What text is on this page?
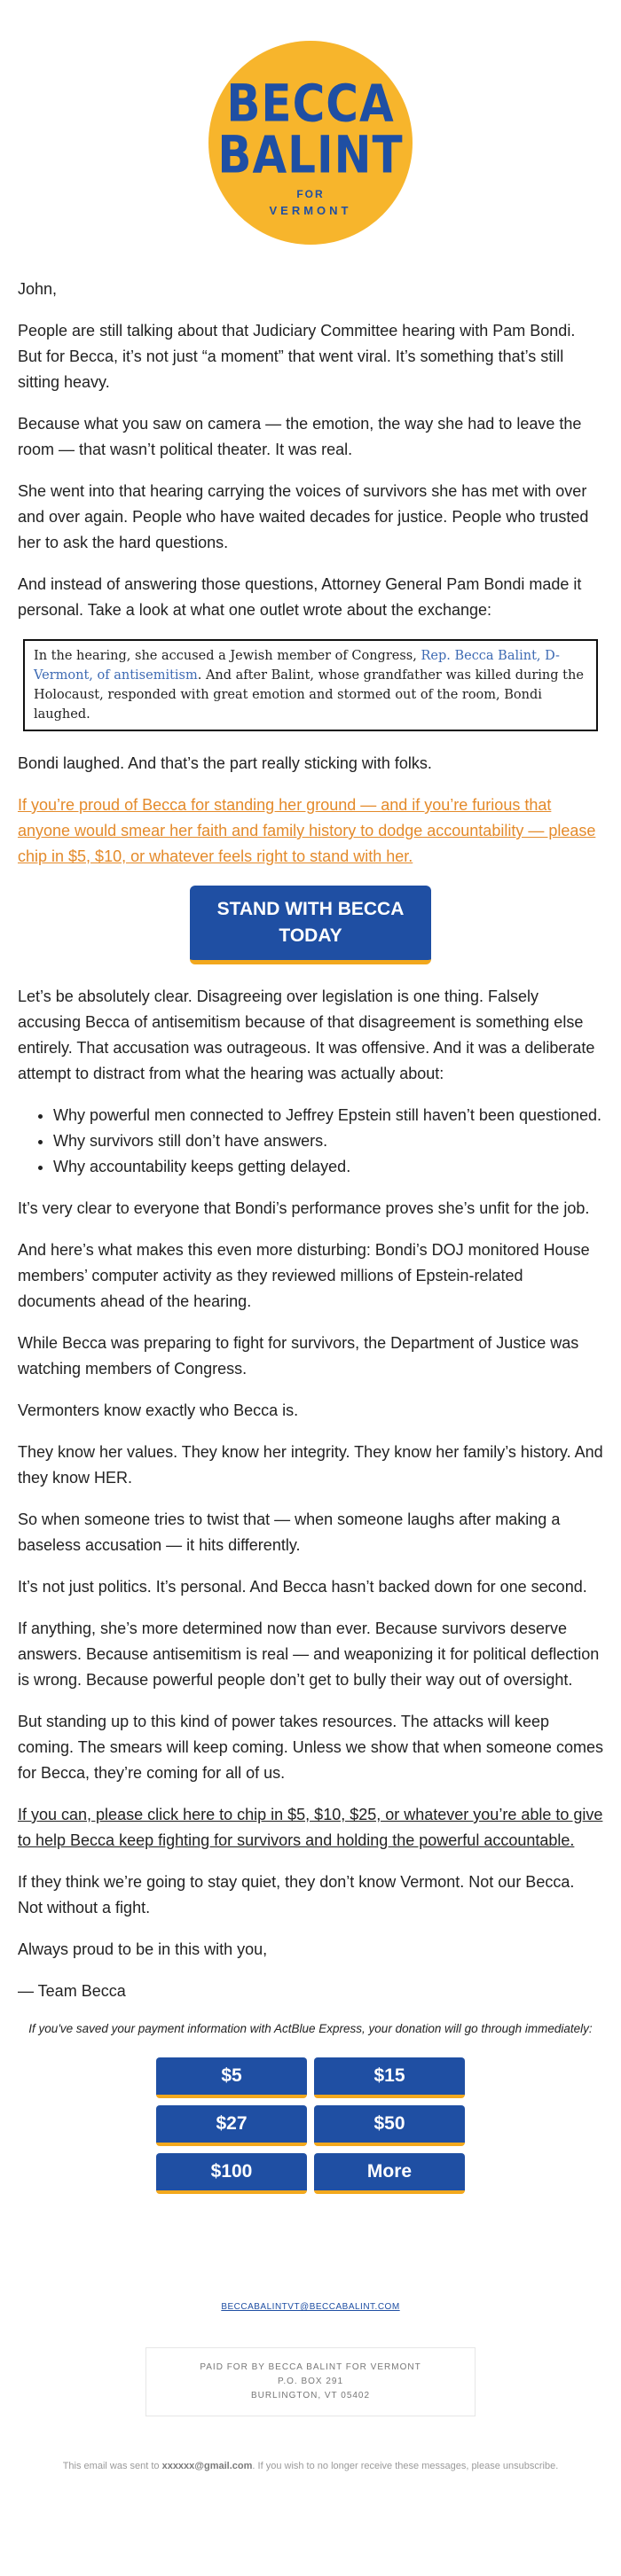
BECCA
BALINT
FOR
VERMONT

John,

People are still talking about that Judiciary Committee hearing with Pam Bondi. But for Becca, it’s not just “a moment” that went viral. It’s something that’s still sitting heavy.

Because what you saw on camera — the emotion, the way she had to leave the room — that wasn’t political theater. It was real.

She went into that hearing carrying the voices of survivors she has met with over and over again. People who have waited decades for justice. People who trusted her to ask the hard questions.

And instead of answering those questions, Attorney General Pam Bondi made it personal. Take a look at what one outlet wrote about the exchange:

In the hearing, she accused a Jewish member of Congress, Rep. Becca Balint, D- Vermont, of antisemitism. And after Balint, whose grandfather was killed during the Holocaust, responded with great emotion and stormed out of the room, Bondi laughed.

Bondi laughed. And that’s the part really sticking with folks.

If you’re proud of Becca for standing her ground — and if you’re furious that anyone would smear her faith and family history to dodge accountability — please chip in $5, $10, or whatever feels right to stand with her.

STAND WITH BECCA TODAY

Let’s be absolutely clear. Disagreeing over legislation is one thing. Falsely accusing Becca of antisemitism because of that disagreement is something else entirely. That accusation was outrageous. It was offensive. And it was a deliberate attempt to distract from what the hearing was actually about:

• Why powerful men connected to Jeffrey Epstein still haven’t been questioned.
• Why survivors still don’t have answers.
• Why accountability keeps getting delayed.

It’s very clear to everyone that Bondi’s performance proves she’s unfit for the job.

And here’s what makes this even more disturbing: Bondi’s DOJ monitored House members’ computer activity as they reviewed millions of Epstein-related documents ahead of the hearing.

While Becca was preparing to fight for survivors, the Department of Justice was watching members of Congress.

Vermonters know exactly who Becca is.

They know her values. They know her integrity. They know her family’s history. And they know HER.

So when someone tries to twist that — when someone laughs after making a baseless accusation — it hits differently.

It’s not just politics. It’s personal. And Becca hasn’t backed down for one second.

If anything, she’s more determined now than ever. Because survivors deserve answers. Because antisemitism is real — and weaponizing it for political deflection is wrong. Because powerful people don’t get to bully their way out of oversight.

But standing up to this kind of power takes resources. The attacks will keep coming. The smears will keep coming. Unless we show that when someone comes for Becca, they’re coming for all of us.

If you can, please click here to chip in $5, $10, $25, or whatever you’re able to give to help Becca keep fighting for survivors and holding the powerful accountable.

If they think we’re going to stay quiet, they don’t know Vermont. Not our Becca. Not without a fight.

Always proud to be in this with you,

— Team Becca

If you've saved your payment information with ActBlue Express, your donation will go through immediately:
$5	$15
$27	$50
$100	More
BECCABALINTVT@BECCABALINT.COM
PAID FOR BY BECCA BALINT FOR VERMONT
P.O. BOX 291
BURLINGTON, VT 05402
This email was sent to xxxxxx@gmail.com. If you wish to no longer receive these messages, please unsubscribe.
